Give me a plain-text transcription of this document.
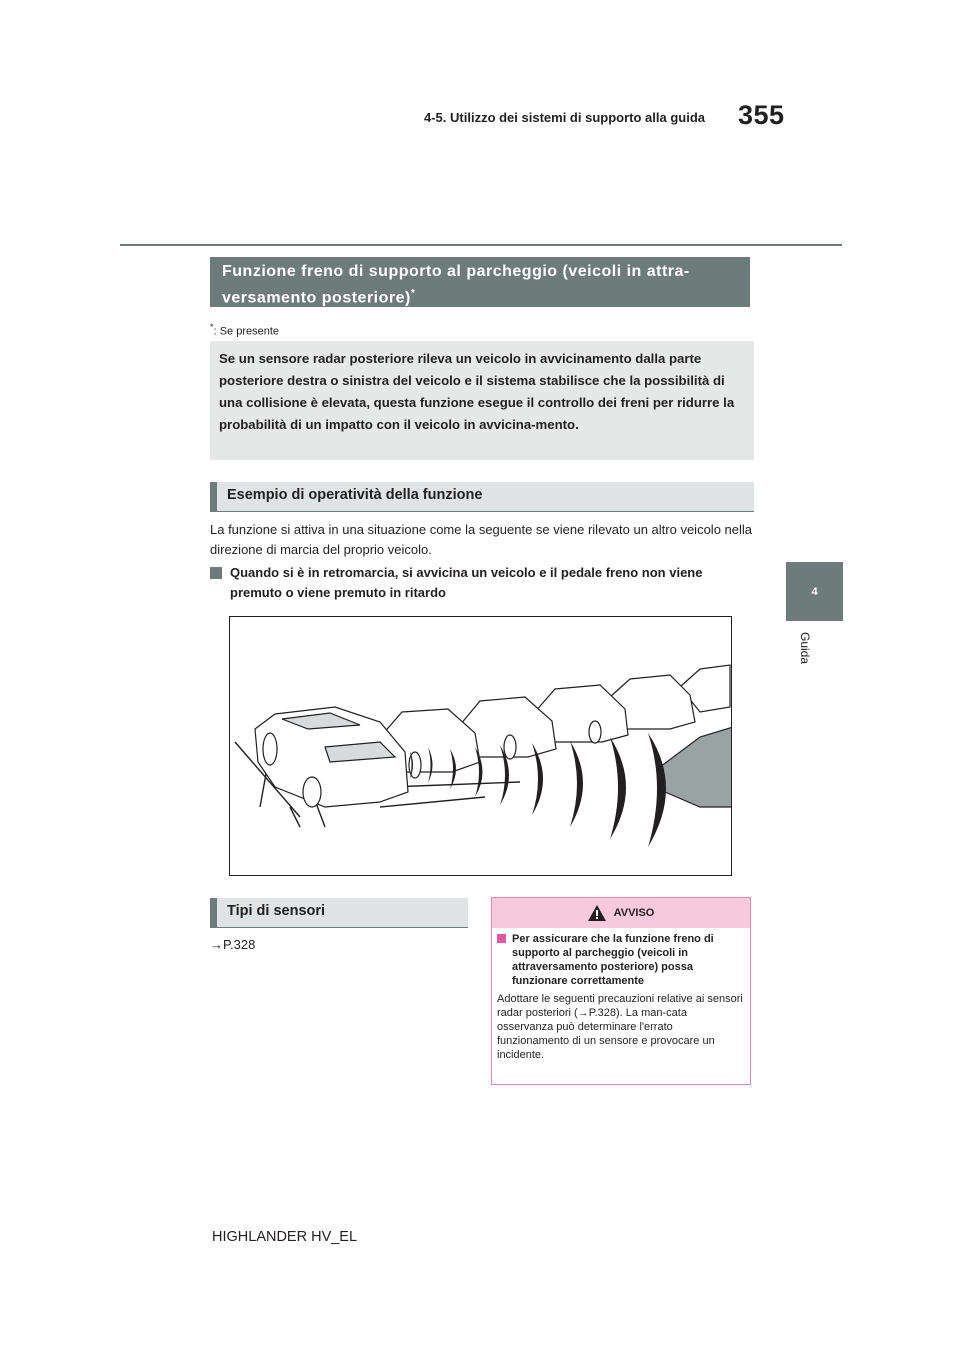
355
4-5. Utilizzo dei sistemi di supporto alla guida
4
Guida
Funzione freno di supporto al parcheggio (veicoli in attra-versamento posteriore)*
*: Se presente
Se un sensore radar posteriore rileva un veicolo in avvicinamento dalla parte posteriore destra o sinistra del veicolo e il sistema stabilisce che la possibilità di una collisione è elevata, questa funzione esegue il controllo dei freni per ridurre la probabilità di un impatto con il veicolo in avvicina-mento.
Esempio di operatività della funzione
La funzione si attiva in una situazione come la seguente se viene rilevato un altro veicolo nella direzione di marcia del proprio veicolo.
Quando si è in retromarcia, si avvicina un veicolo e il pedale freno non viene premuto o viene premuto in ritardo
Tipi di sensori
→P.328
AVVISO
Per assicurare che la funzione freno di supporto al parcheggio (veicoli in attraversamento posteriore) possa funzionare correttamente
Adottare le seguenti precauzioni relative ai sensori radar posteriori (→P.328). La man-cata osservanza può determinare l'errato funzionamento di un sensore e provocare un incidente.
HIGHLANDER HV_EL
